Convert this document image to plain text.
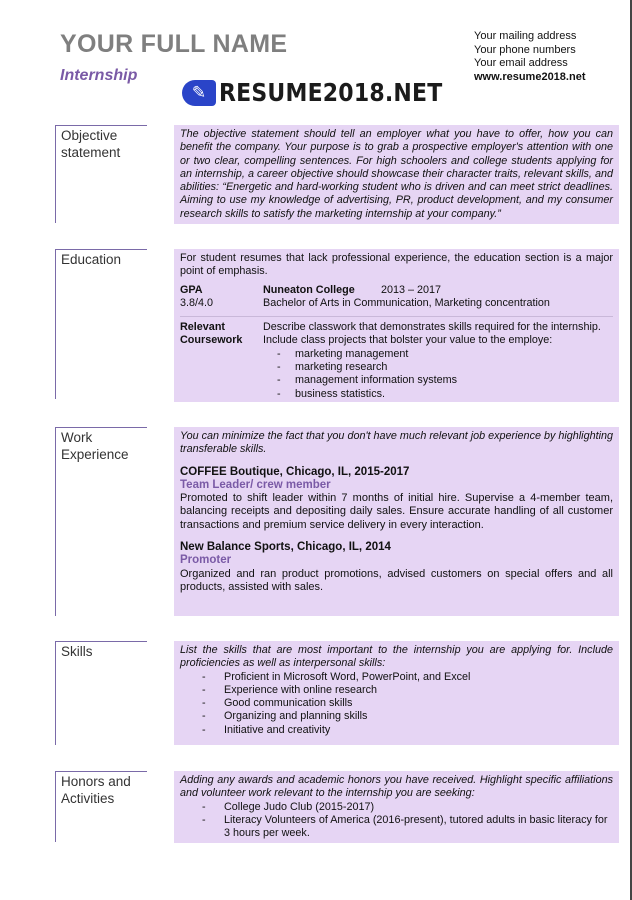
YOUR FULL NAME
Internship
Your mailing address
Your phone numbers
Your email address
www.resume2018.net
✎ RESUME2018.NET
Objective
statement
The objective statement should tell an employer what you have to offer, how you can benefit the company. Your purpose is to grab a prospective employer's attention with one or two clear, compelling sentences. For high schoolers and college students applying for an internship, a career objective should showcase their character traits, relevant skills, and abilities: “Energetic and hard-working student who is driven and can meet strict deadlines. Aiming to use my knowledge of advertising, PR, product development, and my consumer research skills to satisfy the marketing internship at your company.”
Education	For student resumes that lack professional experience, the education section is a major point of emphasis.
GPA
3.8/4.0
Nuneaton College 2013 – 2017
Bachelor of Arts in Communication, Marketing concentration
Relevant
Coursework
Describe classwork that demonstrates skills required for the internship.
Include class projects that bolster your value to the employe:
- marketing management
- marketing research
- management information systems
- business statistics.
Work
Experience
You can minimize the fact that you don't have much relevant job experience by highlighting transferable skills.
COFFEE Boutique, Chicago, IL, 2015-2017
Team Leader/ crew member
Promoted to shift leader within 7 months of initial hire. Supervise a 4-member team, balancing receipts and depositing daily sales. Ensure accurate handling of all customer transactions and premium service delivery in every interaction.
New Balance Sports, Chicago, IL, 2014
Promoter
Organized and ran product promotions, advised customers on special offers and all products, assisted with sales.
Skills	List the skills that are most important to the internship you are applying for. Include proficiencies as well as interpersonal skills:
- Proficient in Microsoft Word, PowerPoint, and Excel
- Experience with online research
- Good communication skills
- Organizing and planning skills
- Initiative and creativity
Honors and
Activities
Adding any awards and academic honors you have received. Highlight specific affiliations and volunteer work relevant to the internship you are seeking:
- College Judo Club (2015-2017)
- Literacy Volunteers of America (2016-present), tutored adults in basic literacy for 3 hours per week.
